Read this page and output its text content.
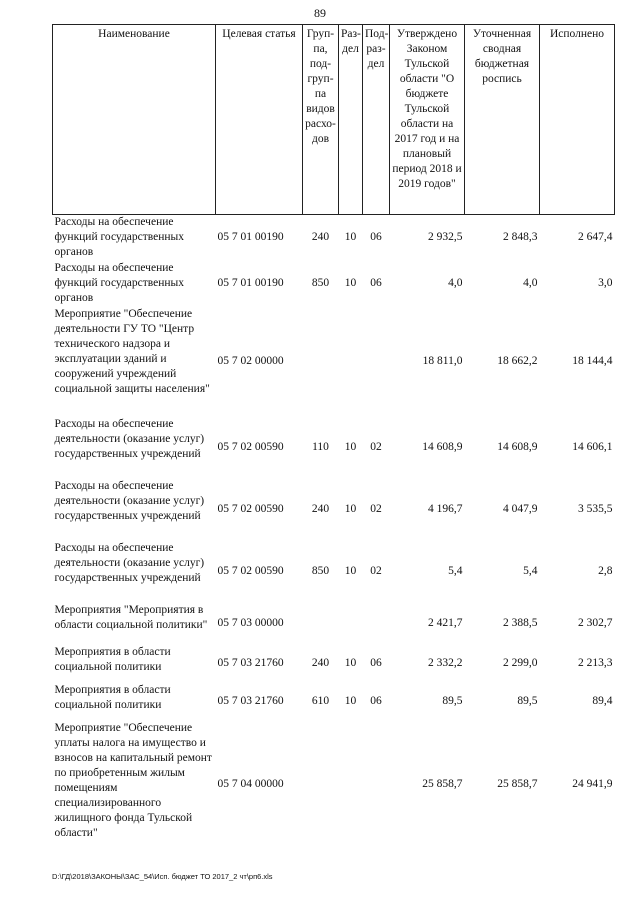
89
Наименование	Целевая статья	Груп-па, под-груп-па видов расхо-дов	Раз-дел	Под-раз-дел	Утверждено Законом Тульской области "О бюджете Тульской области на 2017 год и на плановый период 2018 и 2019 годов"	Уточненная сводная бюджетная роспись	Исполнено
Расходы на обеспечение функций государственных органов	05 7 01 00190	240	10	06	2 932,5	2 848,3	2 647,4
Расходы на обеспечение функций государственных органов	05 7 01 00190	850	10	06	4,0	4,0	3,0
Мероприятие "Обеспечение деятельности ГУ ТО "Центр технического надзора и эксплуатации зданий и сооружений учреждений социальной защиты населения"	05 7 02 00000				18 811,0	18 662,2	18 144,4
Расходы на обеспечение деятельности (оказание услуг) государственных учреждений	05 7 02 00590	110	10	02	14 608,9	14 608,9	14 606,1
Расходы на обеспечение деятельности (оказание услуг) государственных учреждений	05 7 02 00590	240	10	02	4 196,7	4 047,9	3 535,5
Расходы на обеспечение деятельности (оказание услуг) государственных учреждений	05 7 02 00590	850	10	02	5,4	5,4	2,8
Мероприятия "Мероприятия в области социальной политики"	05 7 03 00000				2 421,7	2 388,5	2 302,7
Мероприятия в области социальной политики	05 7 03 21760	240	10	06	2 332,2	2 299,0	2 213,3
Мероприятия в области социальной политики	05 7 03 21760	610	10	06	89,5	89,5	89,4
Мероприятие "Обеспечение уплаты налога на имущество и взносов на капитальный ремонт по приобретенным жилым помещениям специализированного жилищного фонда Тульской области"	05 7 04 00000				25 858,7	25 858,7	24 941,9
D:\ГД\2018\ЗАКОНЫ\ЗАС_54\Исп. бюджет ТО 2017_2 чт\рп6.xls
